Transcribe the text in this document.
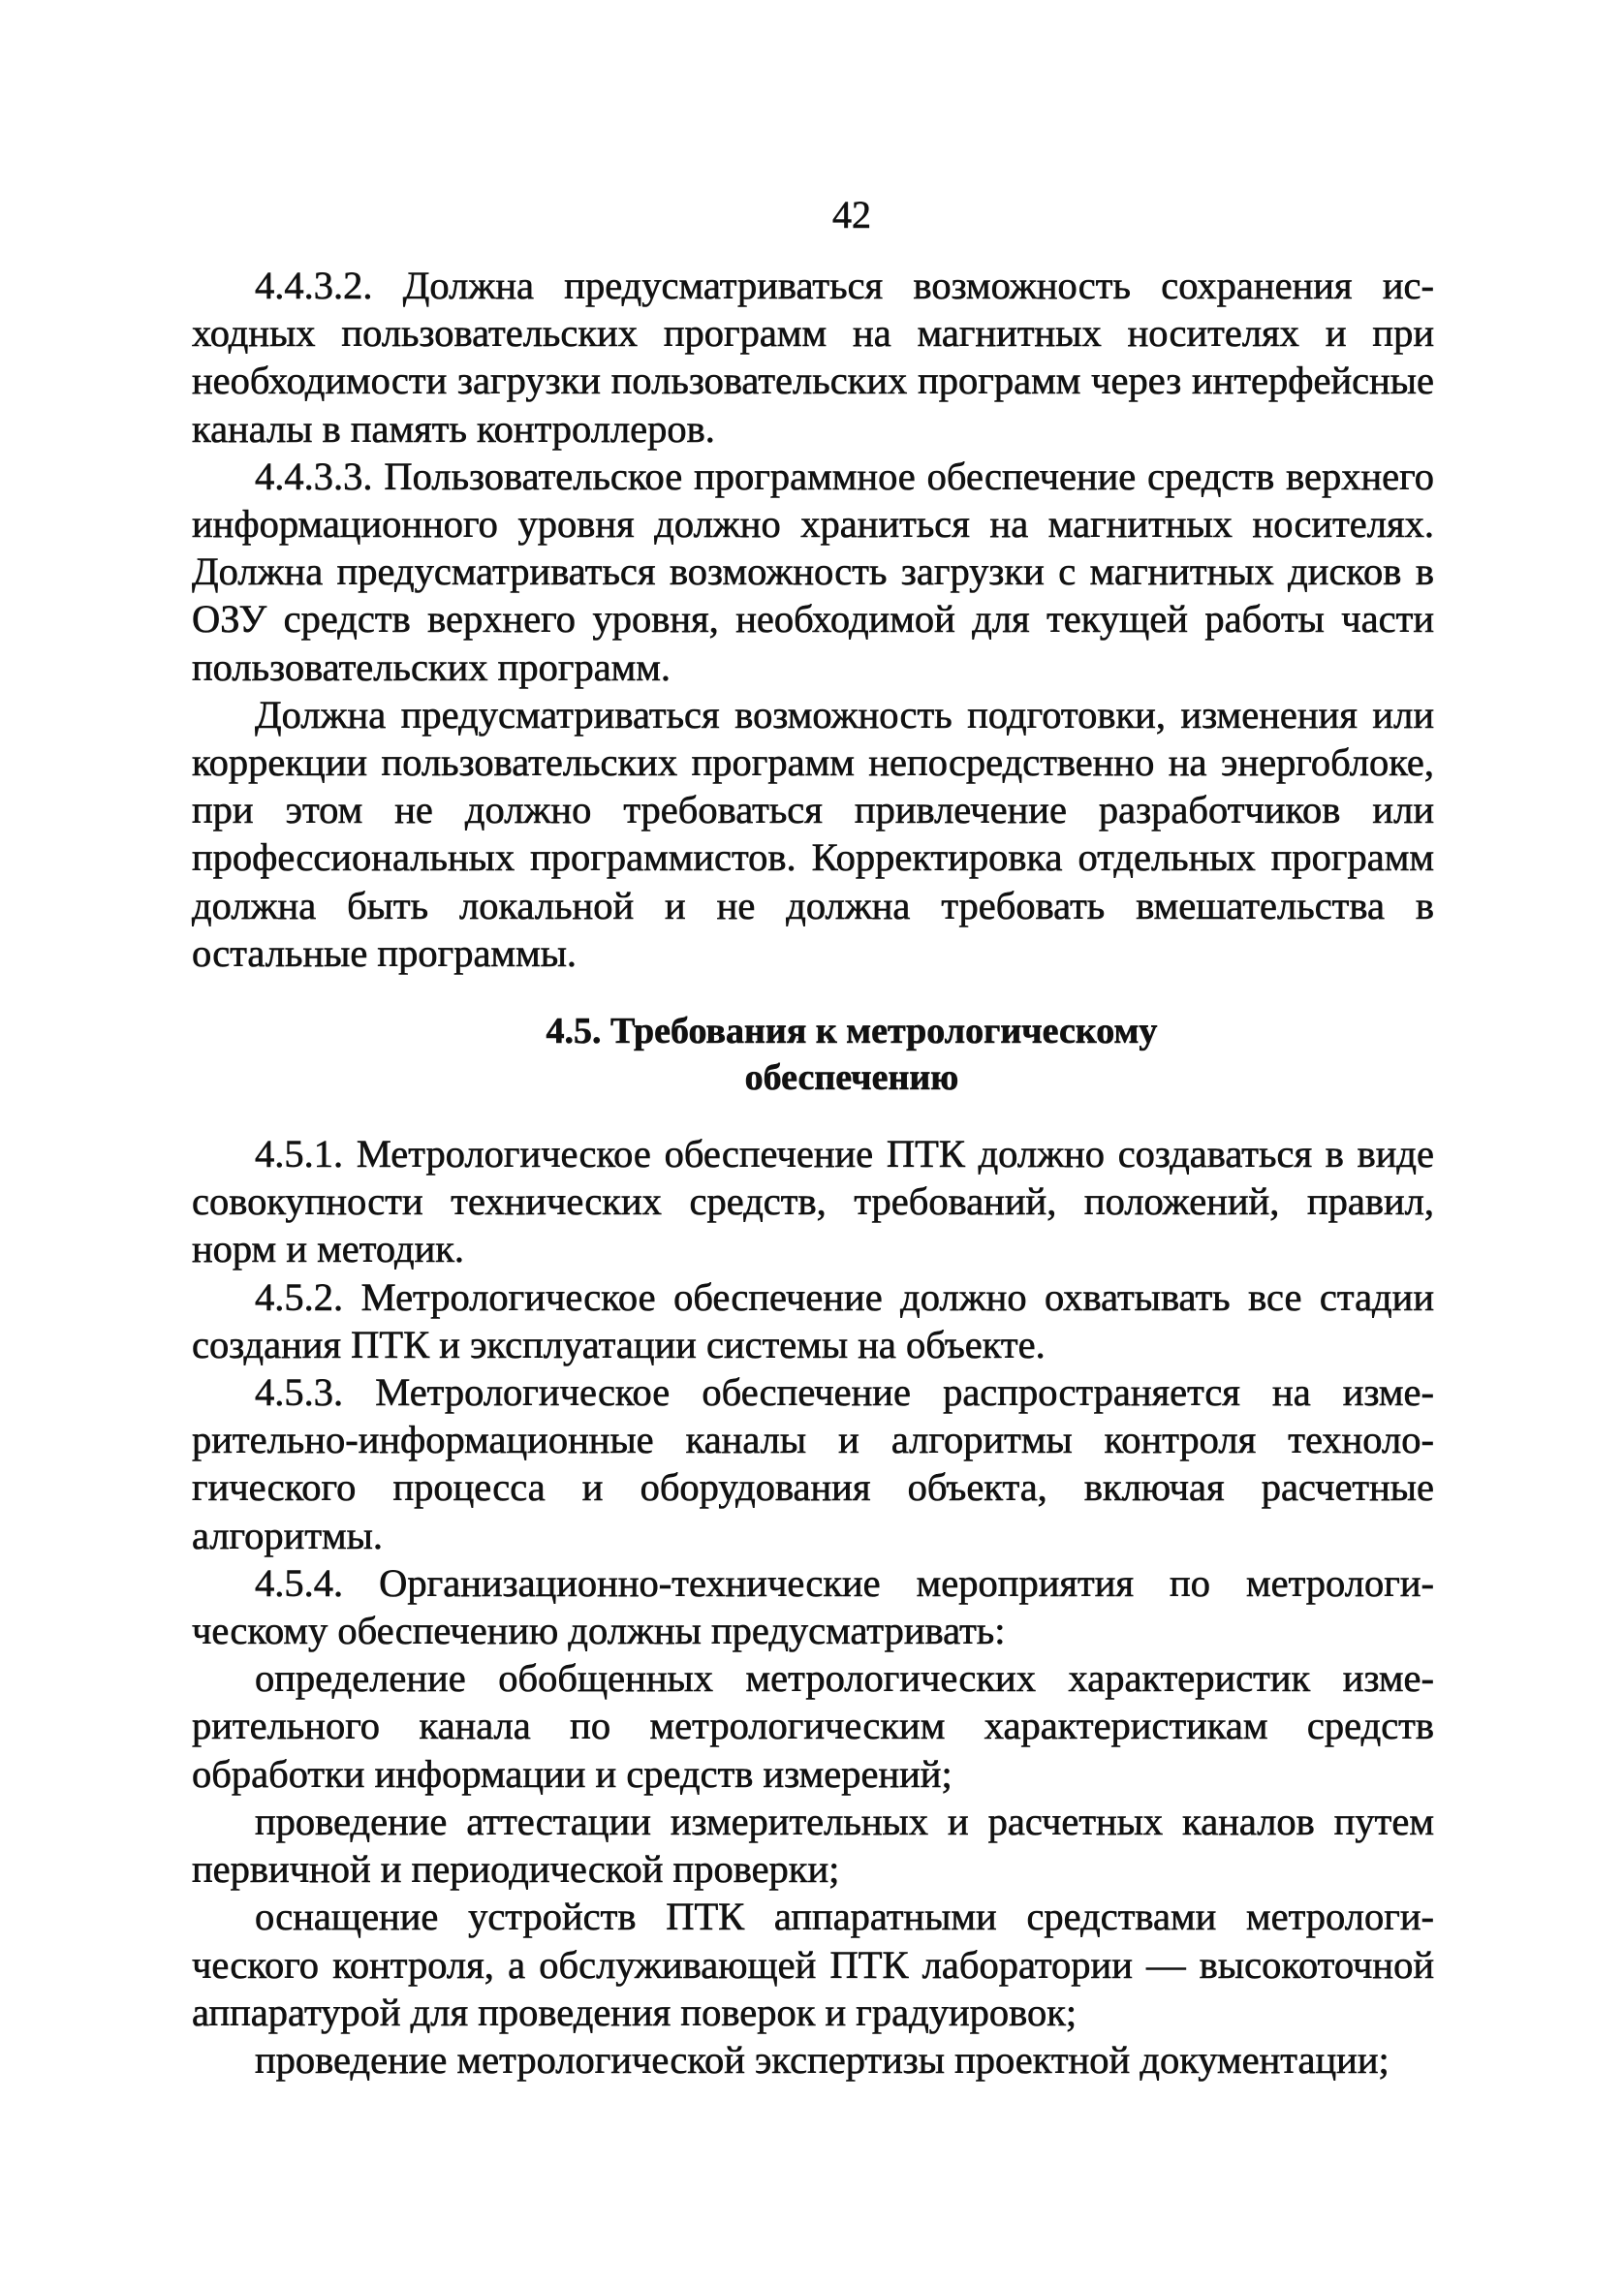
42

4.4.3.2. Должна предусматриваться возможность сохранения исходных пользовательских программ на магнитных носителях и при необходимости загрузки пользовательских программ через интерфейсные каналы в память контроллеров.

4.4.3.3. Пользовательское программное обеспечение средств верхнего информационного уровня должно храниться на магнитных носителях. Должна предусматриваться возможность загрузки с магнитных дисков в ОЗУ средств верхнего уровня, необходимой для текущей работы части пользовательских программ.

Должна предусматриваться возможность подготовки, изменения или коррекции пользовательских программ непосредственно на энергоблоке, при этом не должно требоваться привлечение разработчиков или профессиональных программистов. Корректировка отдельных программ должна быть локальной и не должна требовать вмешательства в остальные программы.

4.5. Требования к метрологическому
обеспечению

4.5.1. Метрологическое обеспечение ПТК должно создаваться в виде совокупности технических средств, требований, положений, правил, норм и методик.

4.5.2. Метрологическое обеспечение должно охватывать все стадии создания ПТК и эксплуатации системы на объекте.

4.5.3. Метрологическое обеспечение распространяется на измерительно-информационные каналы и алгоритмы контроля технологического процесса и оборудования объекта, включая расчетные алгоритмы.

4.5.4. Организационно-технические мероприятия по метрологическому обеспечению должны предусматривать:

определение обобщенных метрологических характеристик измерительного канала по метрологическим характеристикам средств обработки информации и средств измерений;

проведение аттестации измерительных и расчетных каналов путем первичной и периодической проверки;

оснащение устройств ПТК аппаратными средствами метрологического контроля, а обслуживающей ПТК лаборатории — высокоточной аппаратурой для проведения поверок и градуировок;

проведение метрологической экспертизы проектной документации;
